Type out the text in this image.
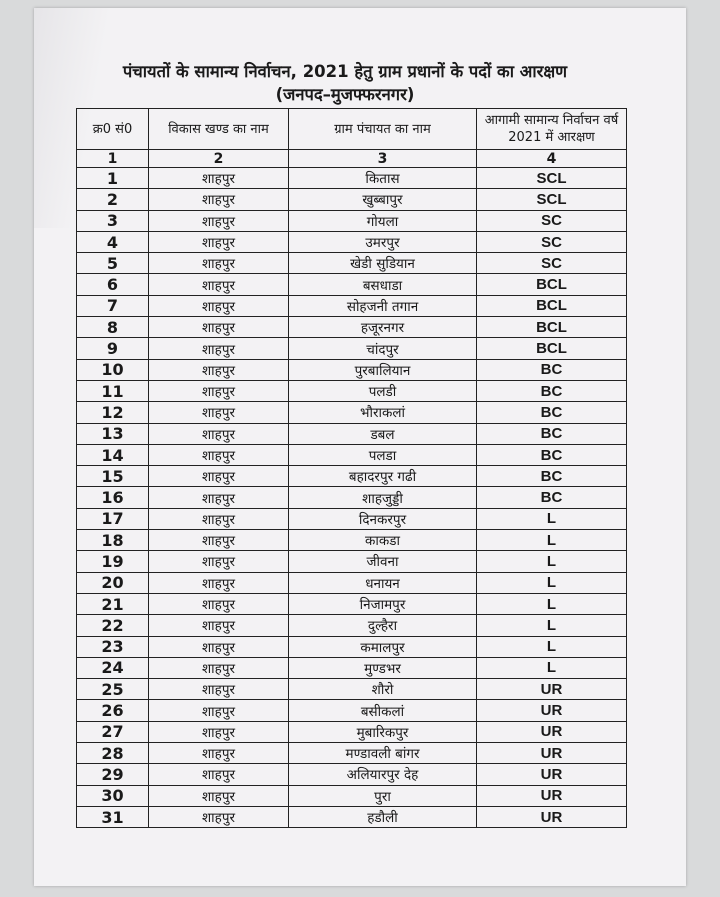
पंचायतों के सामान्य निर्वाचन, 2021 हेतु ग्राम प्रधानों के पदों का आरक्षण
(जनपद–मुजफ्फरनगर)
क्र0 सं0	विकास खण्ड का नाम	ग्राम पंचायत का नाम	आगामी सामान्य निर्वाचन वर्ष 2021 में आरक्षण
1	2	3	4
1	शाहपुर	कितास	SCL
2	शाहपुर	खुब्बापुर	SCL
3	शाहपुर	गोयला	SC
4	शाहपुर	उमरपुर	SC
5	शाहपुर	खेडी सुडियान	SC
6	शाहपुर	बसधाडा	BCL
7	शाहपुर	सोहजनी तगान	BCL
8	शाहपुर	हजूरनगर	BCL
9	शाहपुर	चांदपुर	BCL
10	शाहपुर	पुरबालियान	BC
11	शाहपुर	पलडी	BC
12	शाहपुर	भौराकलां	BC
13	शाहपुर	डबल	BC
14	शाहपुर	पलडा	BC
15	शाहपुर	बहादरपुर गढी	BC
16	शाहपुर	शाहजुड्डी	BC
17	शाहपुर	दिनकरपुर	L
18	शाहपुर	काकडा	L
19	शाहपुर	जीवना	L
20	शाहपुर	धनायन	L
21	शाहपुर	निजामपुर	L
22	शाहपुर	दुल्हैरा	L
23	शाहपुर	कमालपुर	L
24	शाहपुर	मुण्डभर	L
25	शाहपुर	शौरो	UR
26	शाहपुर	बसीकलां	UR
27	शाहपुर	मुबारिकपुर	UR
28	शाहपुर	मण्डावली बांगर	UR
29	शाहपुर	अलियारपुर देह	UR
30	शाहपुर	पुरा	UR
31	शाहपुर	हडौली	UR
